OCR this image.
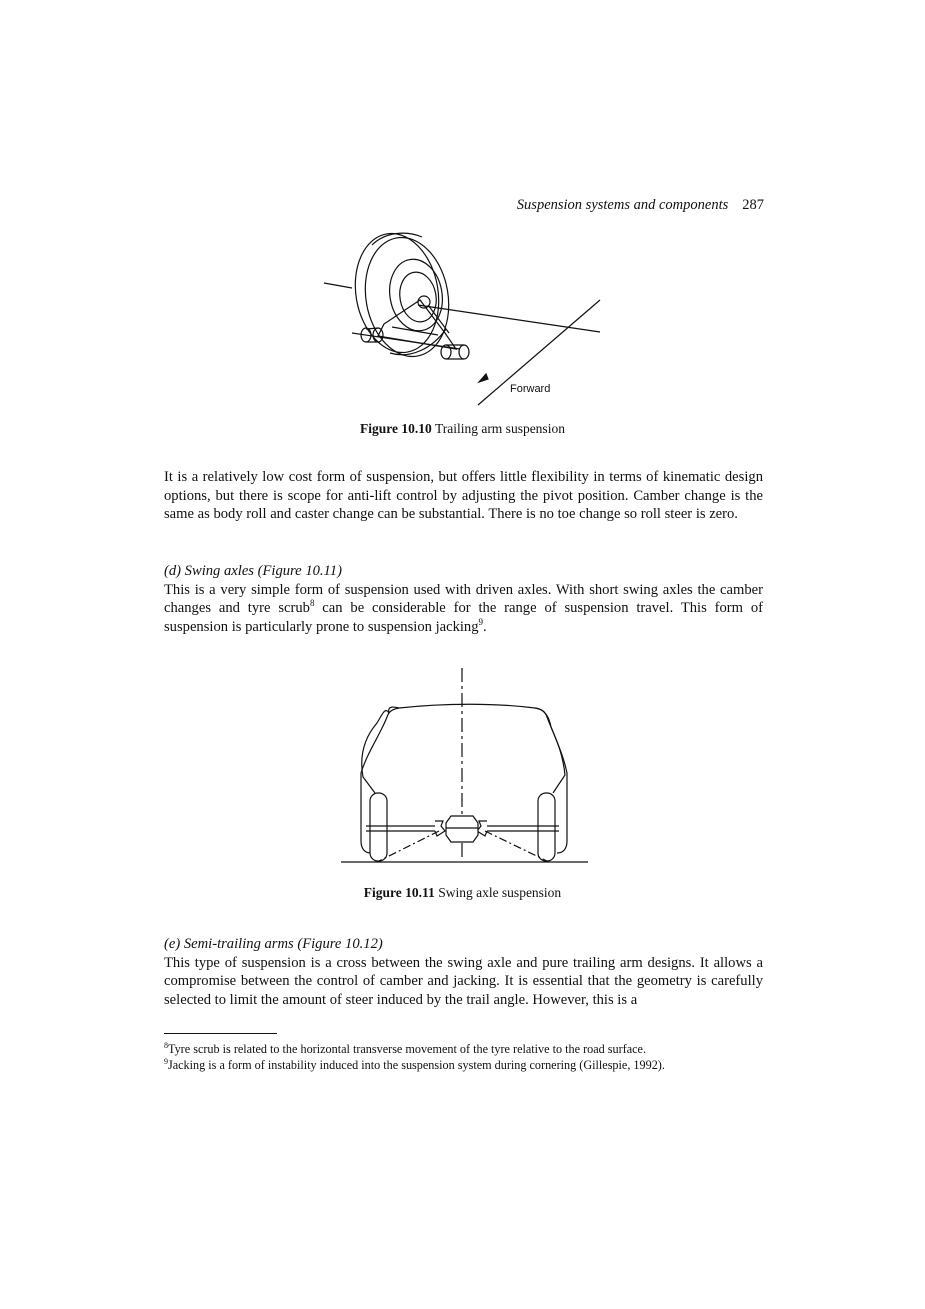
Suspension systems and components 287
Forward
Figure 10.10 Trailing arm suspension

It is a relatively low cost form of suspension, but offers little flexibility in terms of kinematic design options, but there is scope for anti-lift control by adjusting the pivot position. Camber change is the same as body roll and caster change can be substantial. There is no toe change so roll steer is zero.

(d) Swing axles (Figure 10.11)

This is a very simple form of suspension used with driven axles. With short swing axles the camber changes and tyre scrub$^8$ can be considerable for the range of suspension travel. This form of suspension is particularly prone to suspension jacking$^9$.

Figure 10.11 Swing axle suspension

(e) Semi-trailing arms (Figure 10.12)

This type of suspension is a cross between the swing axle and pure trailing arm designs. It allows a compromise between the control of camber and jacking. It is essential that the geometry is carefully selected to limit the amount of steer induced by the trail angle. However, this is a

$^8$Tyre scrub is related to the horizontal transverse movement of the tyre relative to the road surface.
$^9$Jacking is a form of instability induced into the suspension system during cornering (Gillespie, 1992).
